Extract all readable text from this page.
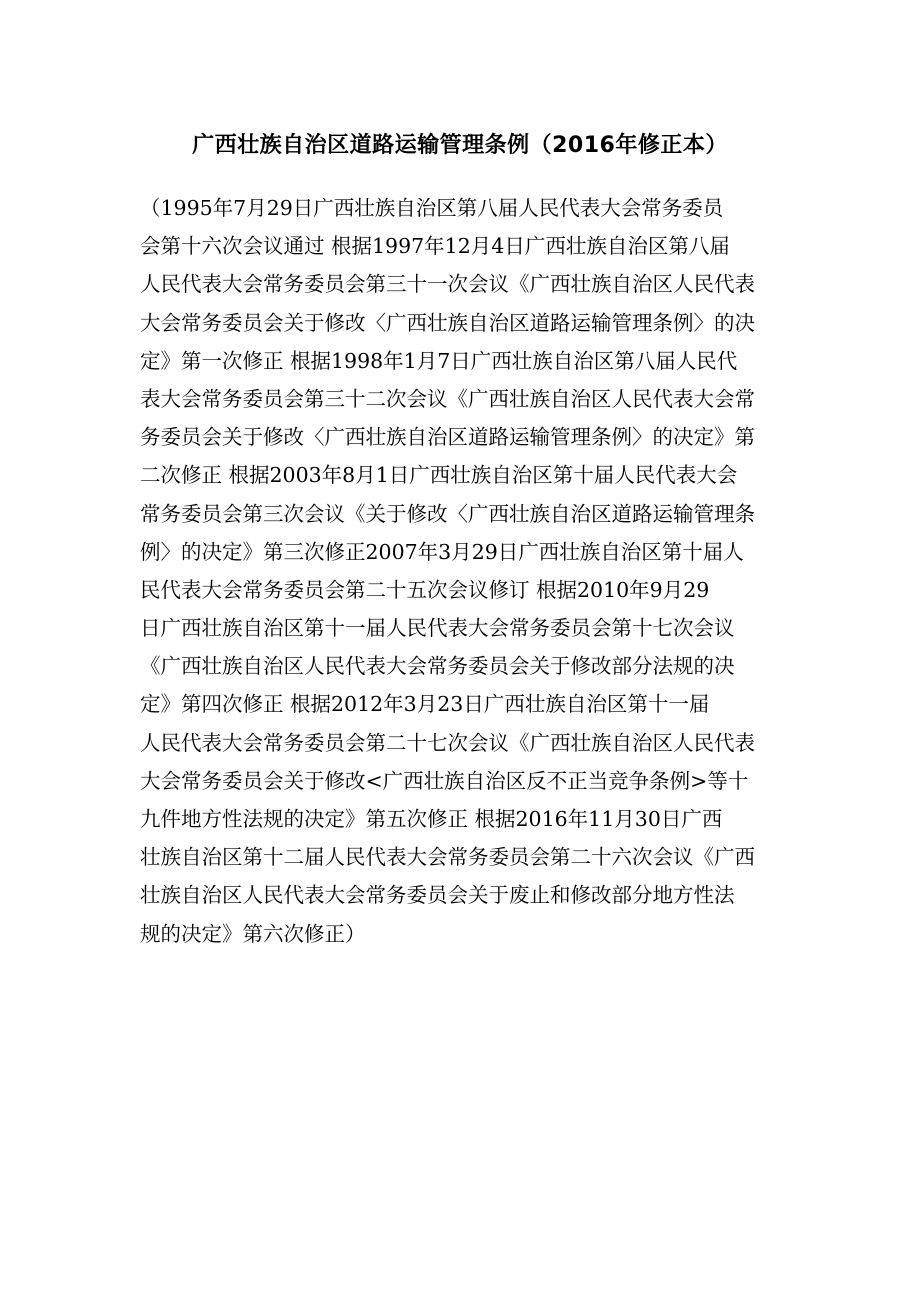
广西壮族自治区道路运输管理条例（2016年修正本）
（1995年7月29日广西壮族自治区第八届人民代表大会常务委员
会第十六次会议通过 根据1997年12月4日广西壮族自治区第八届
人民代表大会常务委员会第三十一次会议《广西壮族自治区人民代表
大会常务委员会关于修改〈广西壮族自治区道路运输管理条例〉的决
定》第一次修正 根据1998年1月7日广西壮族自治区第八届人民代
表大会常务委员会第三十二次会议《广西壮族自治区人民代表大会常
务委员会关于修改〈广西壮族自治区道路运输管理条例〉的决定》第
二次修正 根据2003年8月1日广西壮族自治区第十届人民代表大会
常务委员会第三次会议《关于修改〈广西壮族自治区道路运输管理条
例〉的决定》第三次修正2007年3月29日广西壮族自治区第十届人
民代表大会常务委员会第二十五次会议修订 根据2010年9月29
日广西壮族自治区第十一届人民代表大会常务委员会第十七次会议
《广西壮族自治区人民代表大会常务委员会关于修改部分法规的决
定》第四次修正 根据2012年3月23日广西壮族自治区第十一届
人民代表大会常务委员会第二十七次会议《广西壮族自治区人民代表
大会常务委员会关于修改<广西壮族自治区反不正当竞争条例>等十
九件地方性法规的决定》第五次修正 根据2016年11月30日广西
壮族自治区第十二届人民代表大会常务委员会第二十六次会议《广西
壮族自治区人民代表大会常务委员会关于废止和修改部分地方性法
规的决定》第六次修正）
